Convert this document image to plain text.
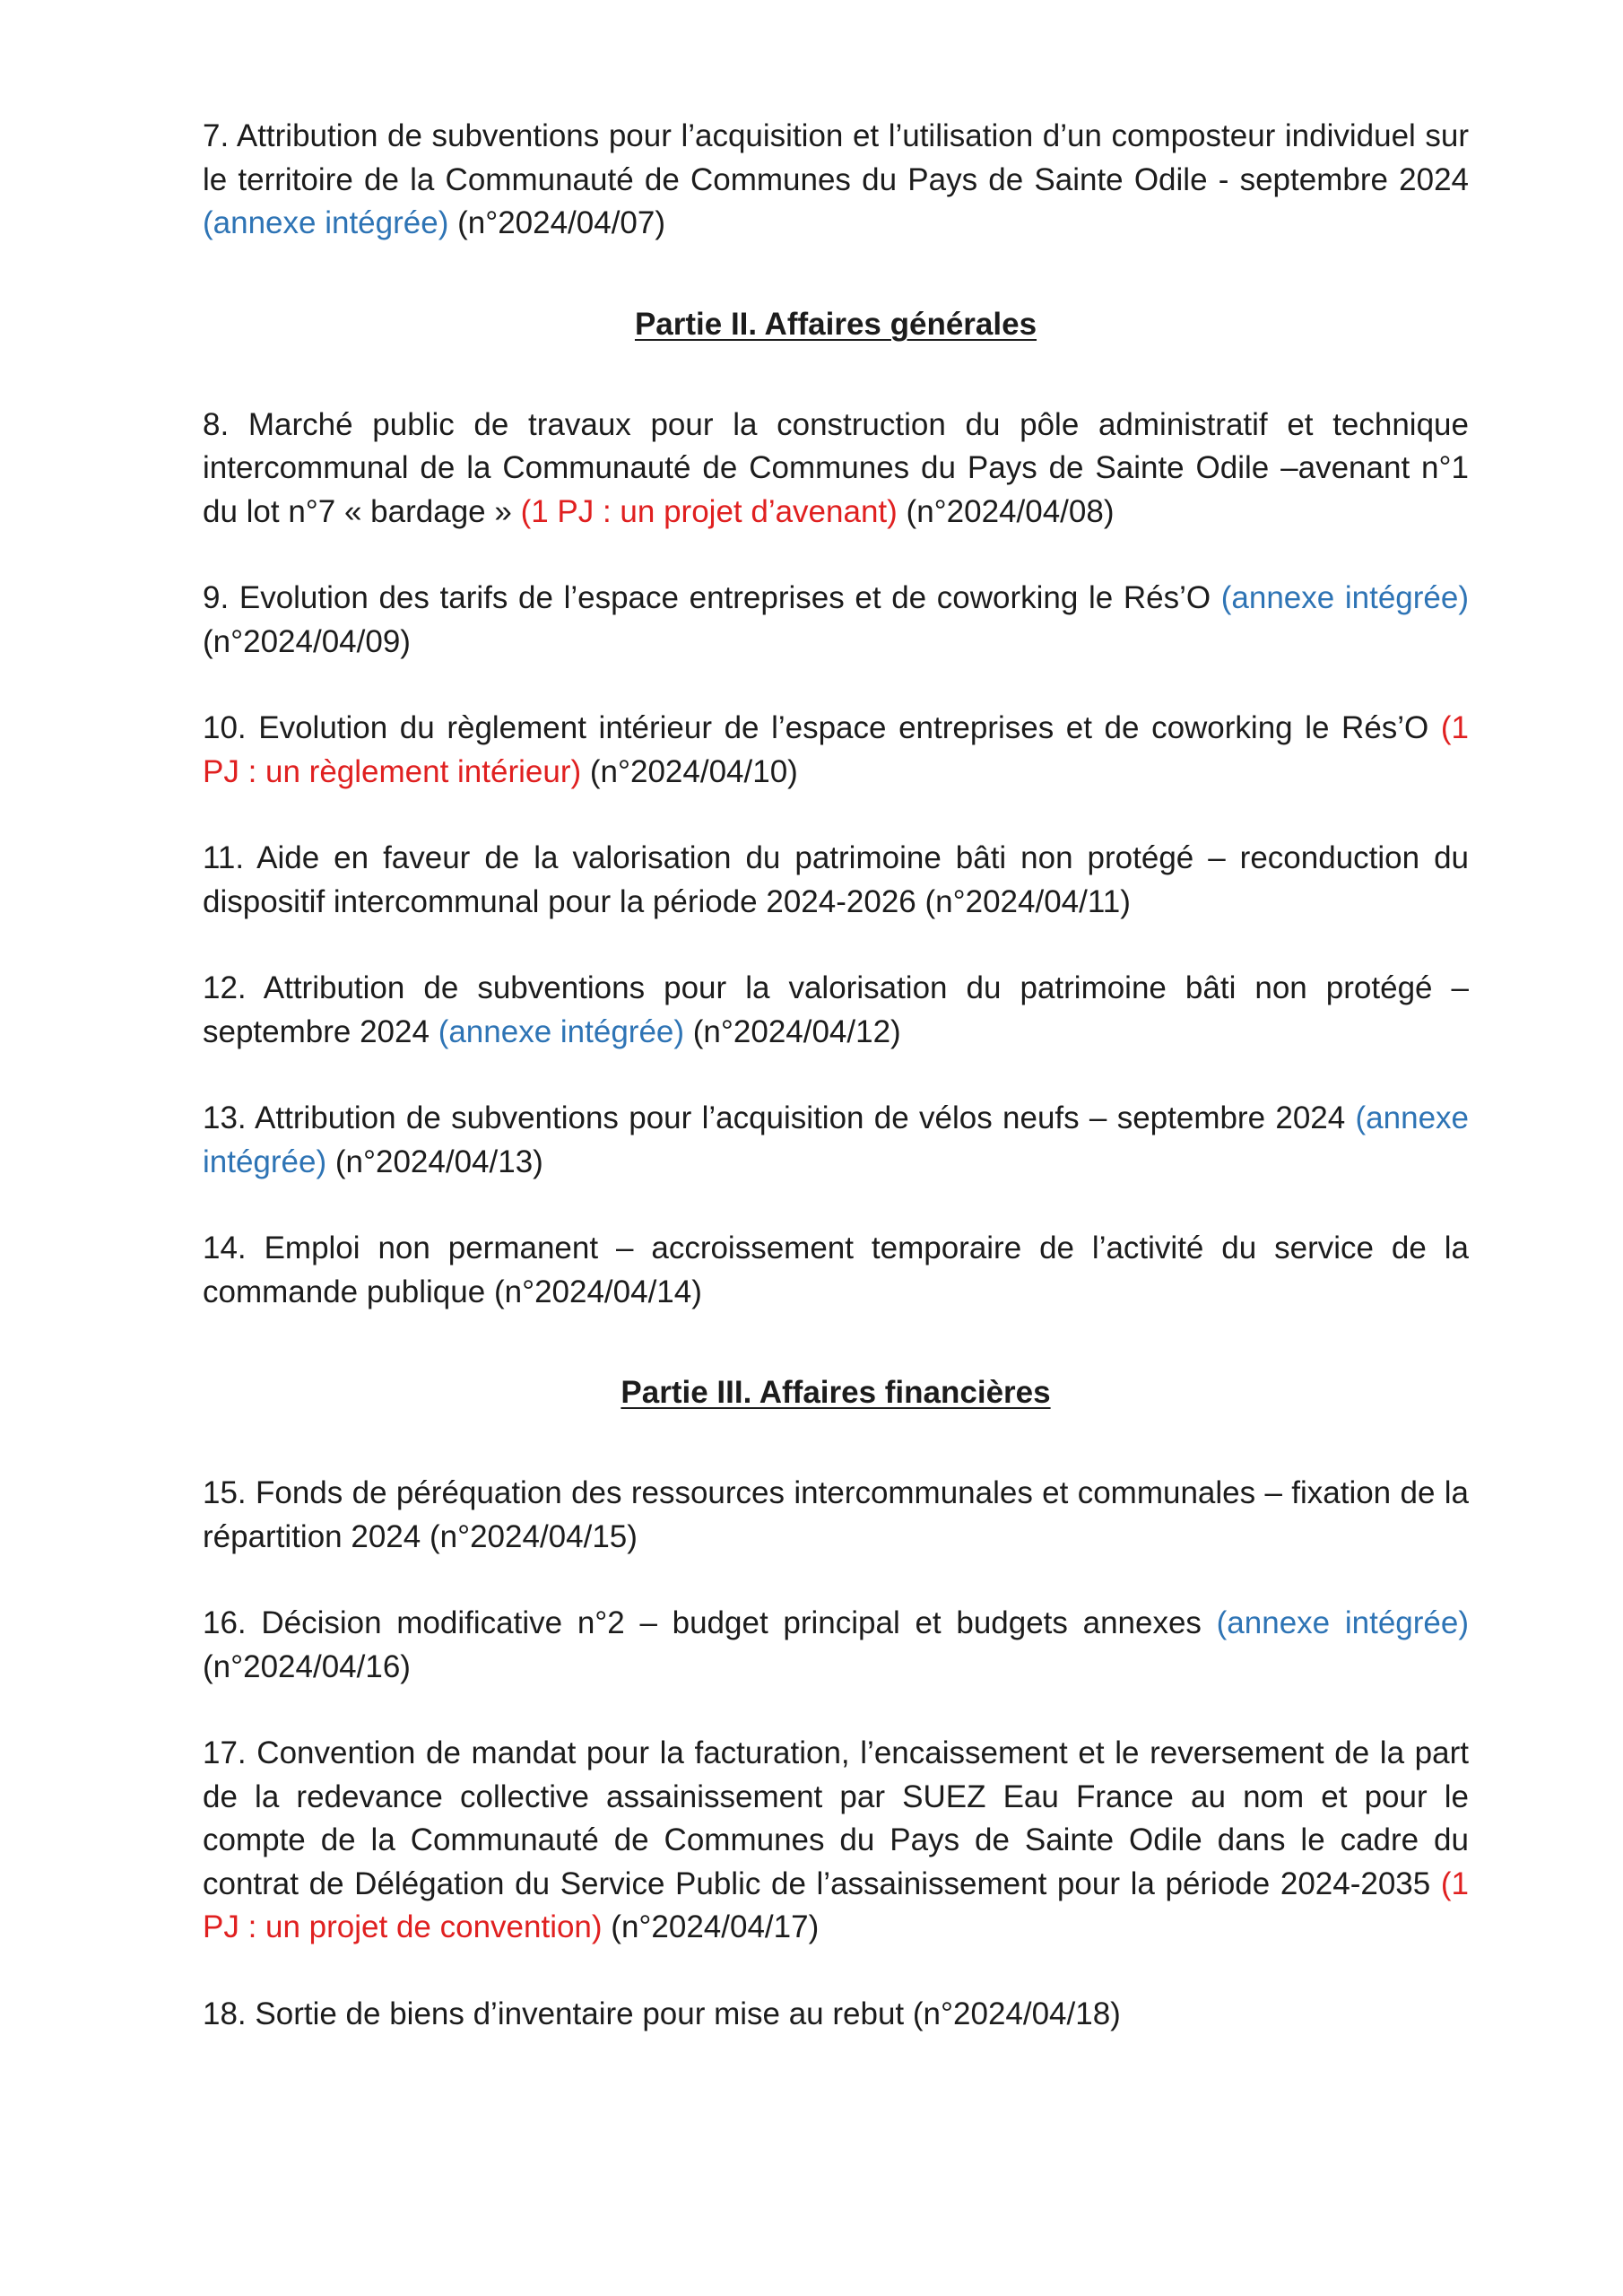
7. Attribution de subventions pour l’acquisition et l’utilisation d’un composteur individuel sur le territoire de la Communauté de Communes du Pays de Sainte Odile - septembre 2024 (annexe intégrée) (n°2024/04/07)

Partie II. Affaires générales

8. Marché public de travaux pour la construction du pôle administratif et technique intercommunal de la Communauté de Communes du Pays de Sainte Odile –avenant n°1 du lot n°7 « bardage » (1 PJ : un projet d’avenant) (n°2024/04/08)

9. Evolution des tarifs de l’espace entreprises et de coworking le Rés’O (annexe intégrée) (n°2024/04/09)

10. Evolution du règlement intérieur de l’espace entreprises et de coworking le Rés’O (1 PJ : un règlement intérieur) (n°2024/04/10)

11. Aide en faveur de la valorisation du patrimoine bâti non protégé – reconduction du dispositif intercommunal pour la période 2024-2026 (n°2024/04/11)

12. Attribution de subventions pour la valorisation du patrimoine bâti non protégé – septembre 2024 (annexe intégrée) (n°2024/04/12)

13. Attribution de subventions pour l’acquisition de vélos neufs – septembre 2024 (annexe intégrée) (n°2024/04/13)

14. Emploi non permanent – accroissement temporaire de l’activité du service de la commande publique (n°2024/04/14)

Partie III. Affaires financières

15. Fonds de péréquation des ressources intercommunales et communales – fixation de la répartition 2024 (n°2024/04/15)

16. Décision modificative n°2 – budget principal et budgets annexes (annexe intégrée) (n°2024/04/16)

17. Convention de mandat pour la facturation, l’encaissement et le reversement de la part de la redevance collective assainissement par SUEZ Eau France au nom et pour le compte de la Communauté de Communes du Pays de Sainte Odile dans le cadre du contrat de Délégation du Service Public de l’assainissement pour la période 2024-2035 (1 PJ : un projet de convention) (n°2024/04/17)

18. Sortie de biens d’inventaire pour mise au rebut (n°2024/04/18)
